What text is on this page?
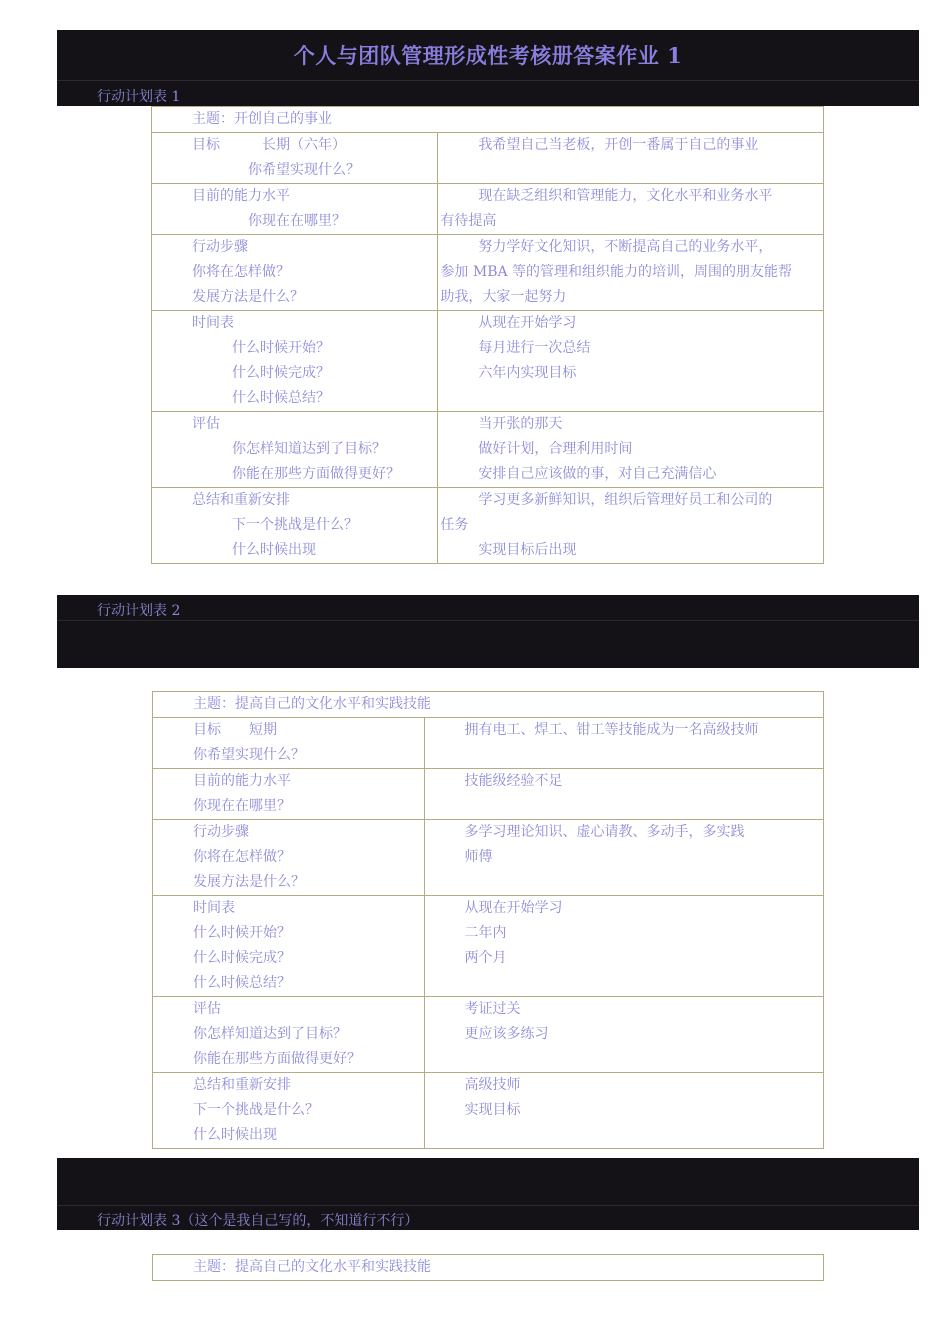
个人与团队管理形成性考核册答案作业 1
行动计划表 1
主题：开创自己的事业	

目标　　　长期（六年）
你希望实现什么？	我希望自己当老板，开创一番属于自己的事业

目前的能力水平
你现在在哪里？	现在缺乏组织和管理能力，文化水平和业务水平
有待提高

行动步骤
你将在怎样做？
发展方法是什么？	努力学好文化知识，不断提高自己的业务水平，
参加 MBA 等的管理和组织能力的培训，周围的朋友能帮
助我，大家一起努力

时间表
什么时候开始？
什么时候完成？
什么时候总结？	从现在开始学习
每月进行一次总结
六年内实现目标

评估
你怎样知道达到了目标？
你能在那些方面做得更好？	当开张的那天
做好计划，合理利用时间
安排自己应该做的事，对自己充满信心

总结和重新安排
下一个挑战是什么？
什么时候出现	学习更多新鲜知识，组织后管理好员工和公司的
任务
实现目标后出现
行动计划表 2
主题：提高自己的文化水平和实践技能	

目标　　短期
你希望实现什么？	拥有电工、焊工、钳工等技能成为一名高级技师

目前的能力水平
你现在在哪里？	技能级经验不足

行动步骤
你将在怎样做？
发展方法是什么？	多学习理论知识、虚心请教、多动手，多实践
师傅

时间表
什么时候开始？
什么时候完成？
什么时候总结？	从现在开始学习
二年内
两个月

评估
你怎样知道达到了目标？
你能在那些方面做得更好？	考证过关
更应该多练习

总结和重新安排
下一个挑战是什么？
什么时候出现	高级技师
实现目标
行动计划表 3（这个是我自己写的，不知道行不行）
主题：提高自己的文化水平和实践技能
